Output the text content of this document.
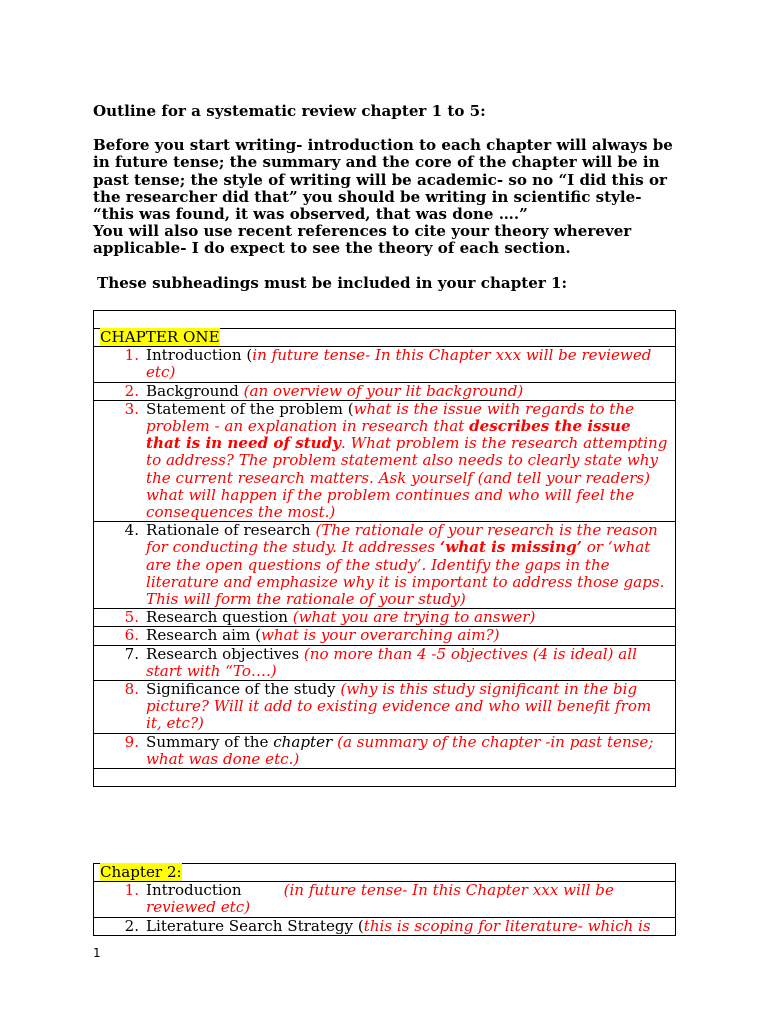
Outline for a systematic review chapter 1 to 5:

Before you start writing- introduction to each chapter will always be in future tense; the summary and the core of the chapter will be in past tense; the style of writing will be academic- so no “I did this or the researcher did that” you should be writing in scientific style- “this was found, it was observed, that was done ….”

You will also use recent references to cite your theory wherever applicable- I do expect to see the theory of each section.

These subheadings must be included in your chapter 1:

CHAPTER ONE

1. Introduction (in future tense- In this Chapter xxx will be reviewed etc)

2. Background (an overview of your lit background)

3. Statement of the problem (what is the issue with regards to the problem - an explanation in research that describes the issue that is in need of study. What problem is the research attempting to address? The problem statement also needs to clearly state why the current research matters. Ask yourself (and tell your readers) what will happen if the problem continues and who will feel the consequences the most.)

4. Rationale of research (The rationale of your research is the reason for conducting the study. It addresses ‘what is missing’ or ‘what are the open questions of the study’. Identify the gaps in the literature and emphasize why it is important to address those gaps. This will form the rationale of your study)

5. Research question (what you are trying to answer)

6. Research aim (what is your overarching aim?)

7. Research objectives (no more than 4 -5 objectives (4 is ideal) all start with “To….)

8. Significance of the study (why is this study significant in the big picture? Will it add to existing evidence and who will benefit from it, etc?)

9. Summary of the chapter (a summary of the chapter -in past tense; what was done etc.)

Chapter 2:

1. Introduction	(in future tense- In this Chapter xxx will be reviewed etc)

2. Literature Search Strategy (this is scoping for literature- which is
1
